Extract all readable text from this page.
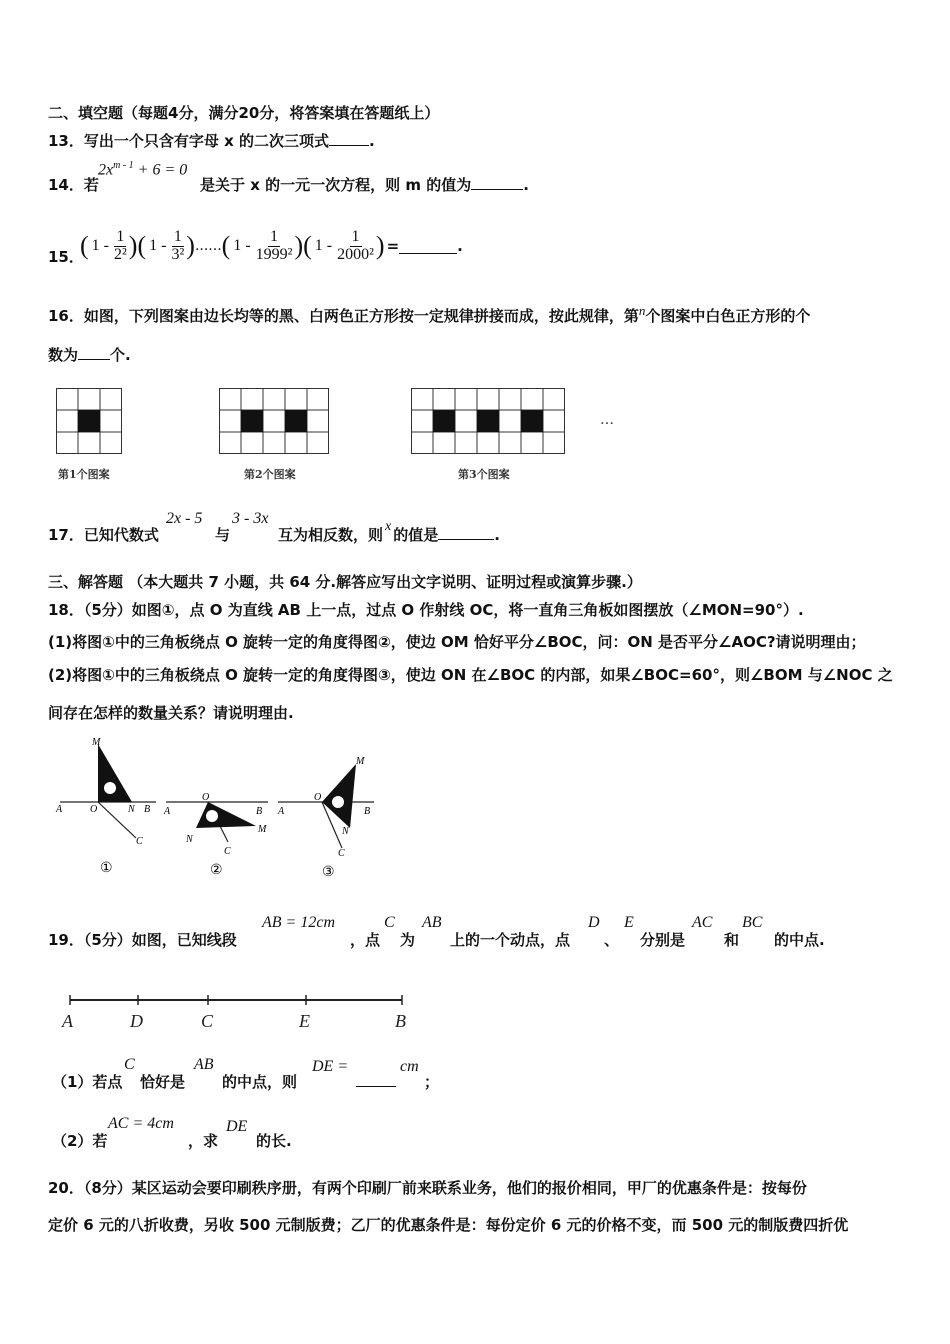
二、填空题（每题4分，满分20分，将答案填在答题纸上）
13．写出一个只含有字母 x 的二次三项式	.
14．若
$2x^{m - 1} + 6 = 0$
是关于 x 的一元一次方程，则 m 的值为	.
15．
( $1 - \frac{1}{\text{2²}}$ ) ( $1 - \frac{1}{\text{3²}}$ ) ...... ( $1 - \frac{1}{\text{1999²}}$ ) ( $1 - \frac{1}{\text{2000²}}$ ) =	.
16．如图，下列图案由边长均等的黑、白两色正方形按一定规律拼接而成，按此规律，第n个图案中白色正方形的个
数为 个.
第1个图案	第2个图案	第3个图案
…
17．已知代数式
2x - 5
与
3 - 3x
互为相反数，则 x 的值是	.
三、解答题 （本大题共 7 小题，共 64 分.解答应写出文字说明、证明过程或演算步骤.）
18．（5分）如图①，点 O 为直线 AB 上一点，过点 O 作射线 OC，将一直角三角板如图摆放（∠MON=90°）.
(1)将图①中的三角板绕点 O 旋转一定的角度得图②，使边 OM 恰好平分∠BOC，问：ON 是否平分∠AOC?请说明理由；
(2)将图①中的三角板绕点 O 旋转一定的角度得图③，使边 ON 在∠BOC 的内部，如果∠BOC=60°，则∠BOM 与∠NOC 之
间存在怎样的数量关系？请说明理由.
M
A	O	N B
C
①
O
A	B
N
M
C
②
M
O
A	B
N
C
③
19．（5分）如图，已知线段
AB = 12cm
，点
C
为
AB
上的一个动点，点
D
、
E
分别是
AC
和
BC
的中点.
A	D	C	E	B
（1）若点
C
恰好是
AB
的中点，则
DE =	cm
；
（2）若
AC = 4cm
，求
DE
的长.
20．（8分）某区运动会要印刷秩序册，有两个印刷厂前来联系业务，他们的报价相同，甲厂的优惠条件是：按每份
定价 6 元的八折收费，另收 500 元制版费；乙厂的优惠条件是：每份定价 6 元的价格不变，而 500 元的制版费四折优
